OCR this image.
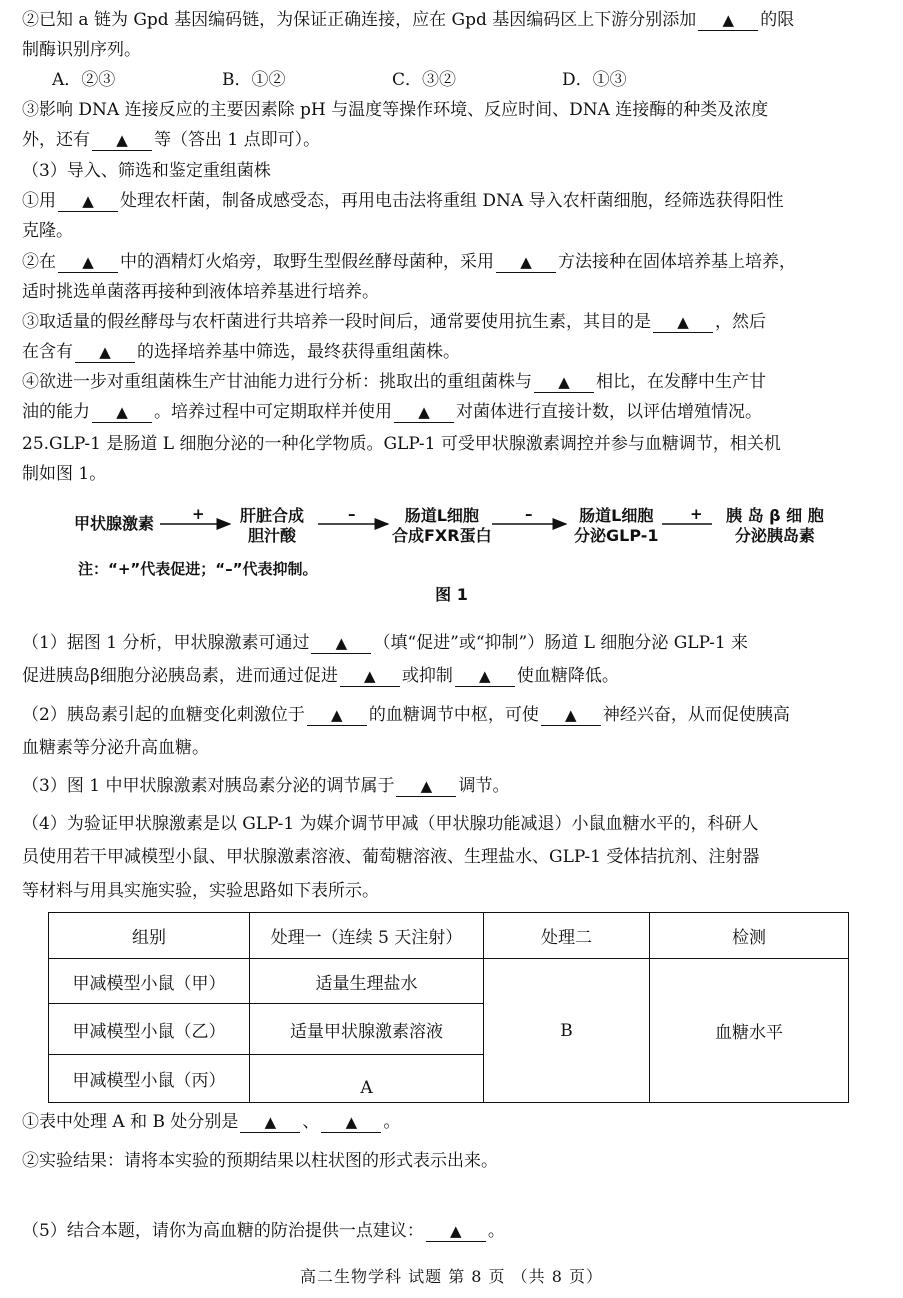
②已知 a 链为 Gpd 基因编码链，为保证正确连接，应在 Gpd 基因编码区上下游分别添加 ▲ 的限
制酶识别序列。
A．②③	B．①②	C．③②	D．①③
③影响 DNA 连接反应的主要因素除 pH 与温度等操作环境、反应时间、DNA 连接酶的种类及浓度
外，还有 ▲ 等（答出 1 点即可）。
（3）导入、筛选和鉴定重组菌株
①用 ▲ 处理农杆菌，制备成感受态，再用电击法将重组 DNA 导入农杆菌细胞，经筛选获得阳性
克隆。
②在 ▲ 中的酒精灯火焰旁，取野生型假丝酵母菌种，采用 ▲ 方法接种在固体培养基上培养，
适时挑选单菌落再接种到液体培养基进行培养。
③取适量的假丝酵母与农杆菌进行共培养一段时间后，通常要使用抗生素，其目的是 ▲ ，然后
在含有 ▲ 的选择培养基中筛选，最终获得重组菌株。
④欲进一步对重组菌株生产甘油能力进行分析：挑取出的重组菌株与 ▲ 相比，在发酵中生产甘
油的能力 ▲ 。培养过程中可定期取样并使用 ▲ 对菌体进行直接计数，以评估增殖情况。
25.GLP-1 是肠道 L 细胞分泌的一种化学物质。GLP-1 可受甲状腺激素调控并参与血糖调节，相关机
制如图 1。
甲状腺激素	肝脏合成
胆汁酸
肠道L细胞
合成FXR蛋白
肠道L细胞
分泌GLP-1
胰 岛 β 细 胞
分泌胰岛素
+	–	–	+
注：“+”代表促进；“–”代表抑制。
图 1
（1）据图 1 分析，甲状腺激素可通过 ▲ （填“促进”或“抑制”）肠道 L 细胞分泌 GLP-1 来
促进胰岛β细胞分泌胰岛素，进而通过促进 ▲ 或抑制 ▲ 使血糖降低。
（2）胰岛素引起的血糖变化刺激位于 ▲ 的血糖调节中枢，可使 ▲ 神经兴奋，从而促使胰高
血糖素等分泌升高血糖。
（3）图 1 中甲状腺激素对胰岛素分泌的调节属于 ▲ 调节。
（4）为验证甲状腺激素是以 GLP-1 为媒介调节甲减（甲状腺功能减退）小鼠血糖水平的，科研人
员使用若干甲减模型小鼠、甲状腺激素溶液、葡萄糖溶液、生理盐水、GLP-1 受体拮抗剂、注射器
等材料与用具实施实验，实验思路如下表所示。
组别	处理一（连续 5 天注射）	处理二	检测
甲减模型小鼠（甲）	适量生理盐水	B	血糖水平
甲减模型小鼠（乙）	适量甲状腺激素溶液		
甲减模型小鼠（丙）	A		
①表中处理 A 和 B 处分别是 ▲ 、 ▲ 。
②实验结果：请将本实验的预期结果以柱状图的形式表示出来。
（5）结合本题，请你为高血糖的防治提供一点建议： ▲ 。
高二生物学科 试题 第 8 页 （共 8 页）
